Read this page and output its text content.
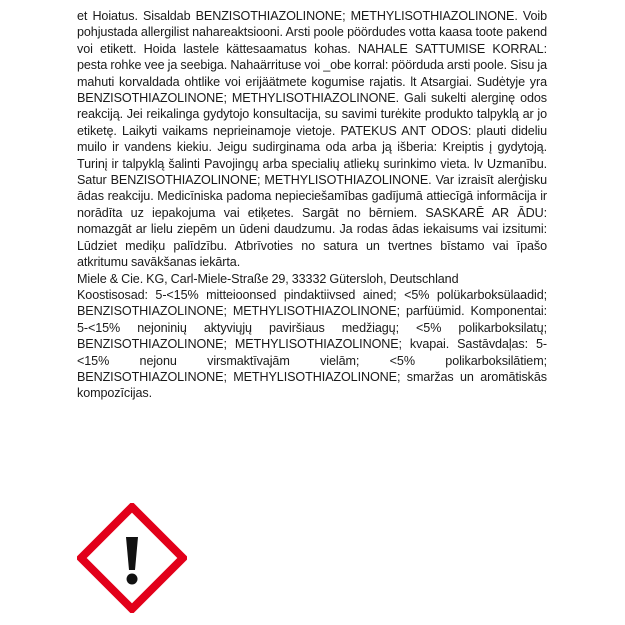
et Hoiatus. Sisaldab BENZISOTHIAZOLINONE; METHYLISOTHIAZOLINONE. Voib pohjustada allergilist nahareaktsiooni. Arsti poole pöördudes votta kaasa toote pakend voi etikett. Hoida lastele kättesaamatus kohas. NAHALE SATTUMISE KORRAL: pesta rohke vee ja seebiga. Nahaärrituse voi _obe korral: pöörduda arsti poole. Sisu ja mahuti korvaldada ohtlike voi erijäätmete kogumise rajatis. lt Atsargiai. Sudėtyje yra BENZISOTHIAZOLINONE; METHYLISOTHIAZOLINONE. Gali sukelti alerginę odos reakciją. Jei reikalinga gydytojo konsultacija, su savimi turėkite produkto talpyklą ar jo etiketę. Laikyti vaikams neprieinamoje vietoje. PATEKUS ANT ODOS: plauti dideliu muilo ir vandens kiekiu. Jeigu sudirginama oda arba ją išberia: Kreiptis į gydytoją. Turinį ir talpyklą šalinti Pavojingų arba specialių atliekų surinkimo vieta. lv Uzmanību. Satur BENZISOTHIAZOLINONE; METHYLISOTHIAZOLINONE. Var izraisīt alerģisku ādas reakciju. Medicīniska padoma nepieciešamības gadījumā attiecīgā informācija ir norādīta uz iepakojuma vai etiķetes. Sargāt no bērniem. SASKARĒ AR ĀDU: nomazgāt ar lielu ziepēm un ūdeni daudzumu. Ja rodas ādas iekaisums vai izsitumi: Lūdziet mediķu palīdzību. Atbrīvoties no satura un tvertnes bīstamo vai īpašo atkritumu savākšanas iekārta.

Miele & Cie. KG, Carl-Miele-Straße 29, 33332 Gütersloh, Deutschland

Koostisosad: 5-<15% mitteioonsed pindaktiivsed ained; <5% polükarboksülaadid; BENZISOTHIAZOLINONE; METHYLISOTHIAZOLINONE; parfüümid. Komponentai: 5-<15% nejoninių aktyviųjų paviršiaus medžiagų; <5% polikarboksilatų; BENZISOTHIAZOLINONE; METHYLISOTHIAZOLINONE; kvapai. Sastāvdaļas: 5-<15% nejonu virsmaktīvajām vielām; <5% polikarboksilātiem; BENZISOTHIAZOLINONE; METHYLISOTHIAZOLINONE; smaržas un aromātiskās kompozīcijas.
